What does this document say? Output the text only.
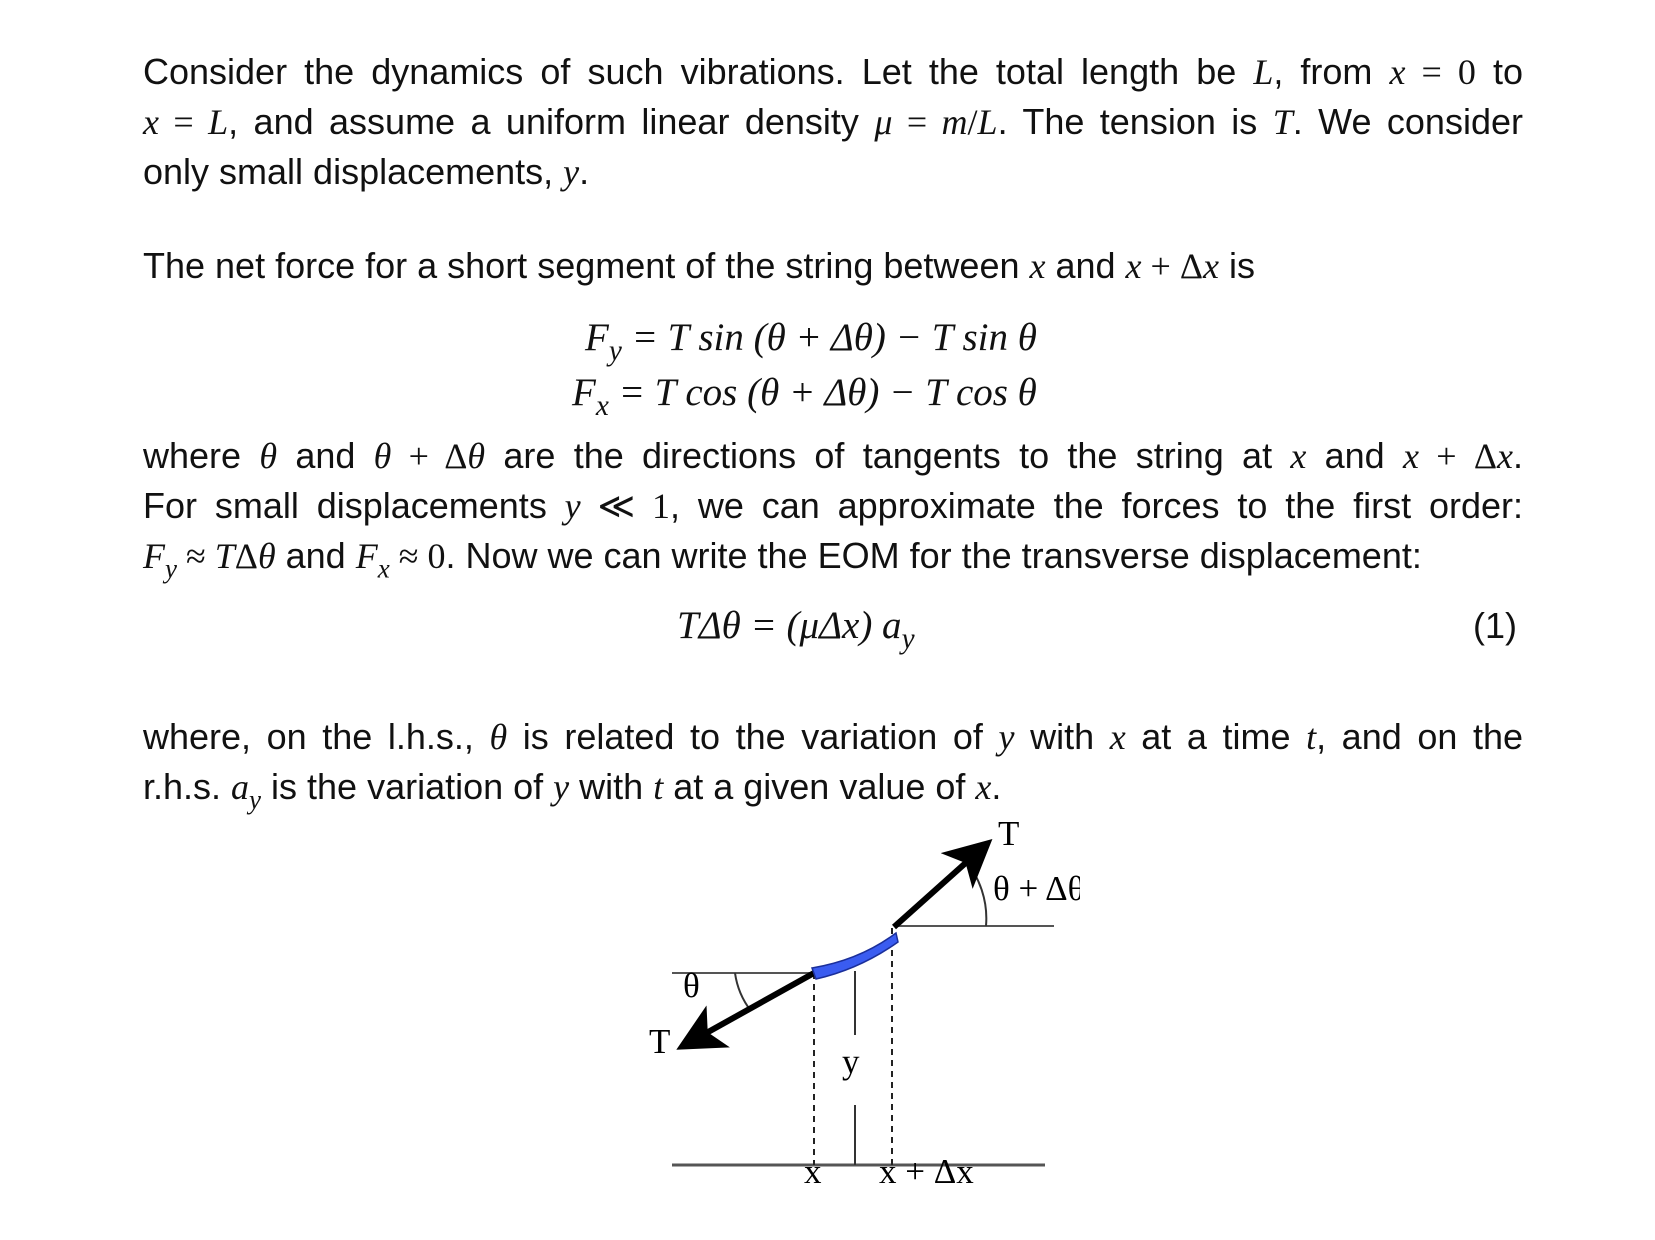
Consider the dynamics of such vibrations. Let the total length be L, from x = 0 to
x = L, and assume a uniform linear density μ = m/L. The tension is T. We consider
only small displacements, y.
The net force for a short segment of the string between x and x + Δx is
$F_y = T$ sin (θ + Δθ) − T sin θ
$F_x = T$ cos (θ + Δθ) − T cos θ
where θ and θ + Δθ are the directions of tangents to the string at x and x + Δx.
For small displacements y ≪ 1, we can approximate the forces to the first order:
$F_y \approx T\Delta\theta$ and $F_x \approx 0$. Now we can write the EOM for the transverse displacement:
TΔθ = (μΔx) $a_y$	(1)
where, on the l.h.s., θ is related to the variation of y with x at a time t, and on the
r.h.s. $a_y$ is the variation of y with t at a given value of x.
T
θ + Δθ
θ
T
y
x x + Δx
